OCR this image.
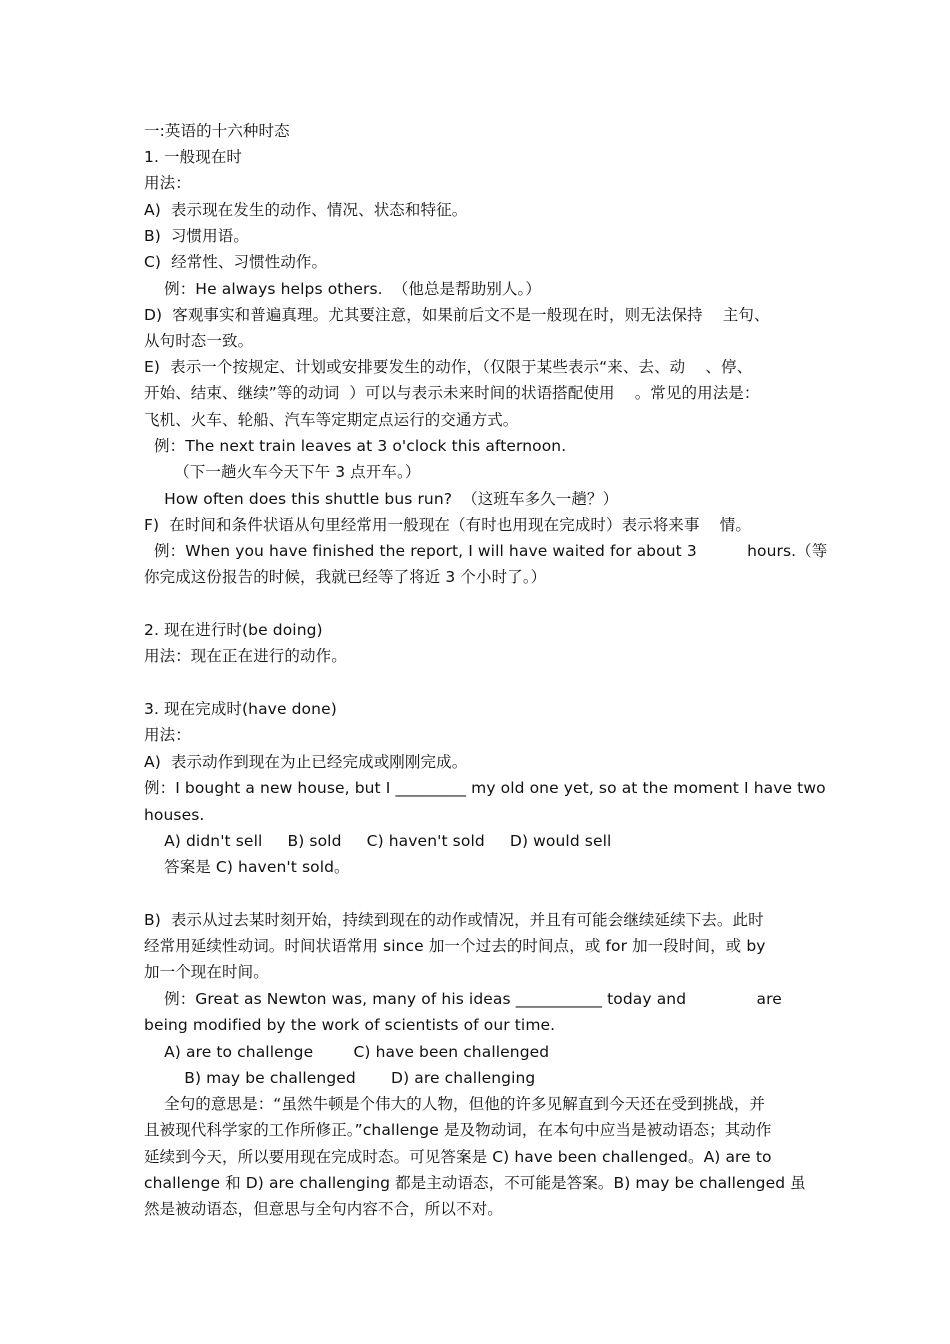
一:英语的十六种时态
1. 一般现在时
用法：
A)  表示现在发生的动作、情况、状态和特征。
B)  习惯用语。
C)  经常性、习惯性动作。
例：He always helps others.  （他总是帮助别人。）
D)  客观事实和普遍真理。尤其要注意，如果前后文不是一般现在时，则无法保持    主句、
从句时态一致。
E)  表示一个按规定、计划或安排要发生的动作，（仅限于某些表示“来、去、动    、停、
开始、结束、继续”等的动词  ）可以与表示未来时间的状语搭配使用    。常见的用法是：
飞机、火车、轮船、汽车等定期定点运行的交通方式。
例：The next train leaves at 3 o'clock this afternoon.
（下一趟火车今天下午 3 点开车。）
How often does this shuttle bus run?  （这班车多久一趟？）
F)  在时间和条件状语从句里经常用一般现在（有时也用现在完成时）表示将来事    情。
例：When you have finished the report, I will have waited for about 3          hours.（等
你完成这份报告的时候，我就已经等了将近 3 个小时了。）
2. 现在进行时(be doing)
用法：现在正在进行的动作。
3. 现在完成时(have done)
用法：
A)  表示动作到现在为止已经完成或刚刚完成。
例：I bought a new house, but I _________ my old one yet, so at the moment I have two
houses.
A) didn't sell     B) sold     C) haven't sold     D) would sell
答案是 C) haven't sold。
B)  表示从过去某时刻开始，持续到现在的动作或情况，并且有可能会继续延续下去。此时
经常用延续性动词。时间状语常用 since 加一个过去的时间点，或 for 加一段时间，或 by
加一个现在时间。
例：Great as Newton was, many of his ideas ___________ today and              are
being modified by the work of scientists of our time.
A) are to challenge        C) have been challenged
B) may be challenged       D) are challenging
全句的意思是：“虽然牛顿是个伟大的人物，但他的许多见解直到今天还在受到挑战，并
且被现代科学家的工作所修正。”challenge 是及物动词，在本句中应当是被动语态；其动作
延续到今天，所以要用现在完成时态。可见答案是 C) have been challenged。A) are to
challenge 和 D) are challenging 都是主动语态，不可能是答案。B) may be challenged 虽
然是被动语态，但意思与全句内容不合，所以不对。
